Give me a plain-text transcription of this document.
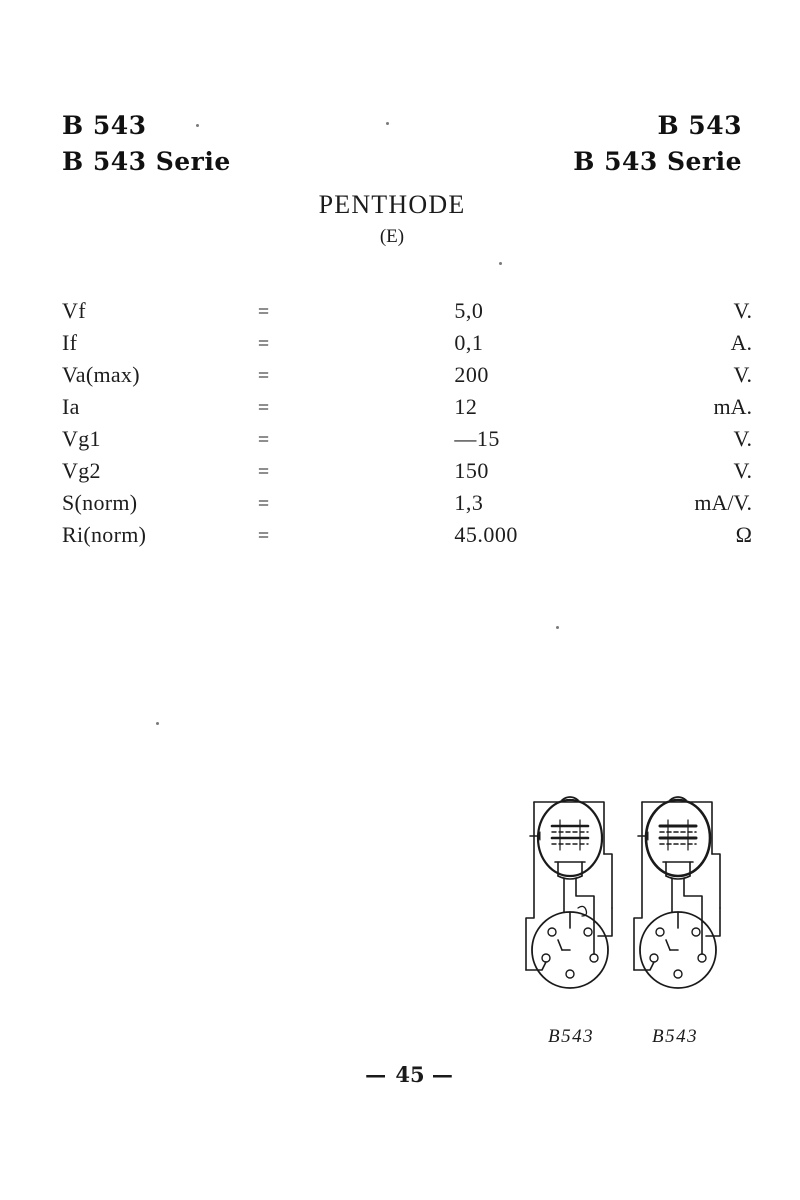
B 543
B 543 Serie
B 543
B 543 Serie
PENTHODE
(E)
Vf	=	5,0	V.
If	=	0,1	A.
Va(max)	=	200	V.
Ia	=	12	mA.
Vg1	=	—15	V.
Vg2	=	150	V.
S(norm)	=	1,3	mA/V.
Ri(norm)	=	45.000	Ω
B543	B543
— 45 —
